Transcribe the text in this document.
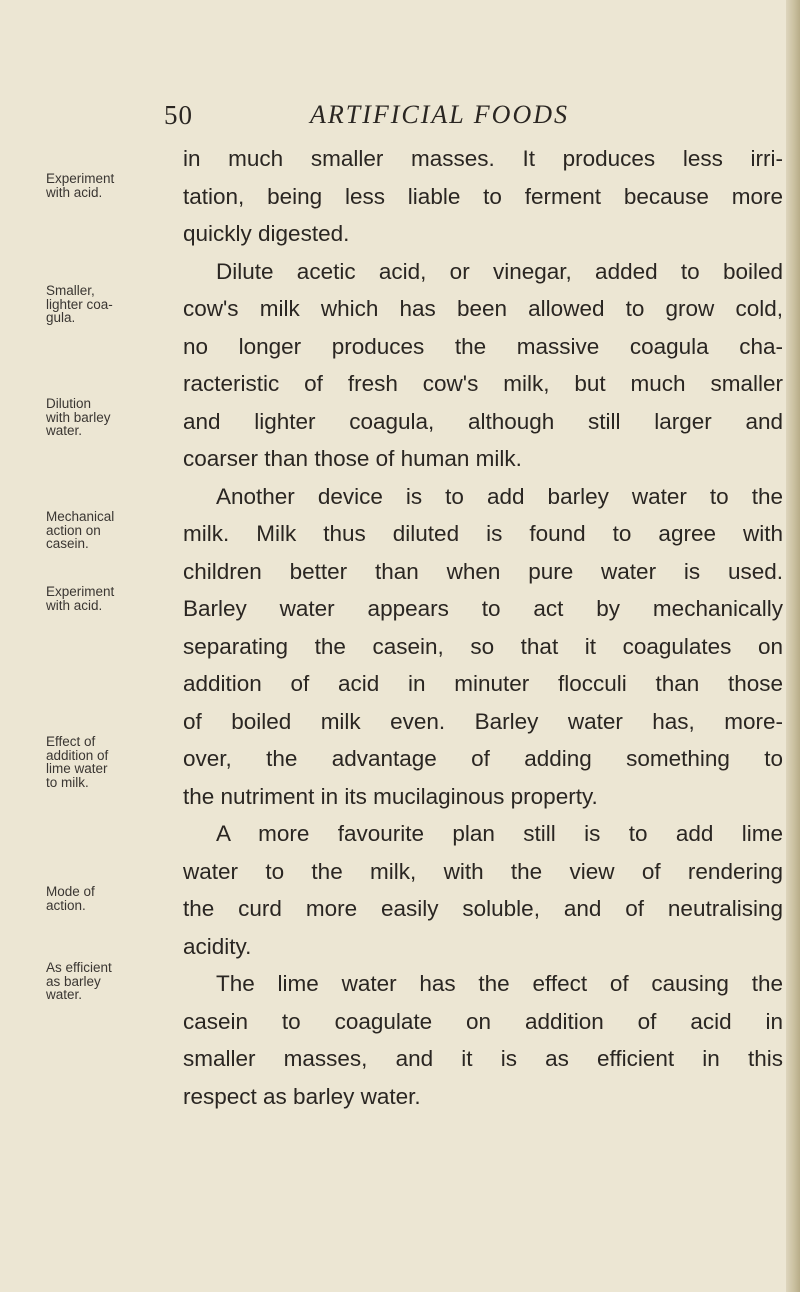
50	ARTIFICIAL FOODS
Experiment
with acid.
Smaller,
lighter coa-
gula.
Dilution
with barley
water.
Mechanical
action on
casein.
Experiment
with acid.
Effect of
addition of
lime water
to milk.
Mode of
action.
As efficient
as barley
water.
in much smaller masses. It produces less irri-
tation, being less liable to ferment because more
quickly digested.
Dilute acetic acid, or vinegar, added to boiled
cow's milk which has been allowed to grow cold,
no longer produces the massive coagula cha-
racteristic of fresh cow's milk, but much smaller
and lighter coagula, although still larger and
coarser than those of human milk.
Another device is to add barley water to the
milk. Milk thus diluted is found to agree with
children better than when pure water is used.
Barley water appears to act by mechanically
separating the casein, so that it coagulates on
addition of acid in minuter flocculi than those
of boiled milk even. Barley water has, more-
over, the advantage of adding something to
the nutriment in its mucilaginous property.
A more favourite plan still is to add lime
water to the milk, with the view of rendering
the curd more easily soluble, and of neutralising
acidity.
The lime water has the effect of causing the
casein to coagulate on addition of acid in
smaller masses, and it is as efficient in this
respect as barley water.
